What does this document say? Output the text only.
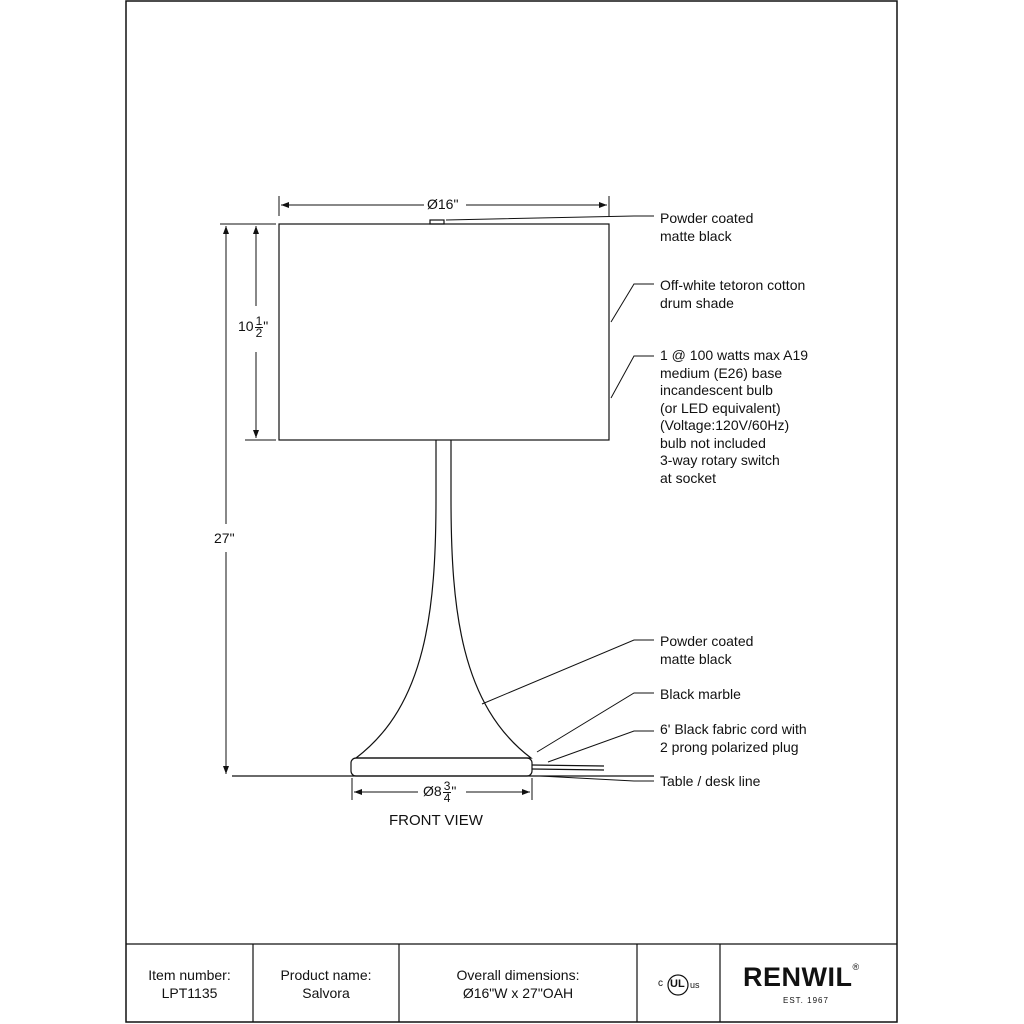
Ø16"
$10 \frac{1}{2}$ "
27"
Ø8 $\frac{3}{4}$ "
FRONT VIEW
Powder coated
matte black
Off-white tetoron cotton
drum shade
1 @ 100 watts max A19
medium (E26) base
incandescent bulb
(or LED equivalent)
(Voltage:120V/60Hz)
bulb not included
3-way rotary switch
at socket
Powder coated
matte black
Black marble
6' Black fabric cord with
2 prong polarized plug
Table / desk line
Item number:
LPT1135
Product name:
Salvora
Overall dimensions:
Ø16"W x 27"OAH
c UL us RENWIL®
EST. 1967
